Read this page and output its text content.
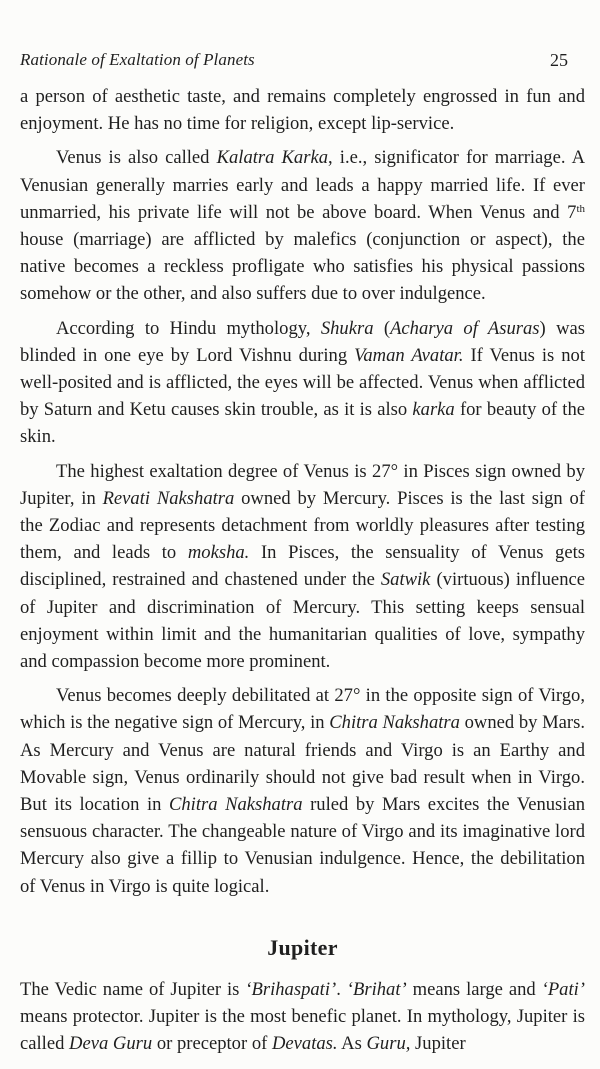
Rationale of Exaltation of Planets	25

a person of aesthetic taste, and remains completely engrossed in fun and enjoyment. He has no time for religion, except lip-service.

Venus is also called Kalatra Karka, i.e., significator for marriage. A Venusian generally marries early and leads a happy married life. If ever unmarried, his private life will not be above board. When Venus and 7th house (marriage) are afflicted by malefics (conjunction or aspect), the native becomes a reckless profligate who satisfies his physical passions somehow or the other, and also suffers due to over indulgence.

According to Hindu mythology, Shukra (Acharya of Asuras) was blinded in one eye by Lord Vishnu during Vaman Avatar. If Venus is not well-posited and is afflicted, the eyes will be affected. Venus when afflicted by Saturn and Ketu causes skin trouble, as it is also karka for beauty of the skin.

The highest exaltation degree of Venus is 27° in Pisces sign owned by Jupiter, in Revati Nakshatra owned by Mercury. Pisces is the last sign of the Zodiac and represents detachment from worldly pleasures after testing them, and leads to moksha. In Pisces, the sensuality of Venus gets disciplined, restrained and chastened under the Satwik (virtuous) influence of Jupiter and discrimination of Mercury. This setting keeps sensual enjoyment within limit and the humanitarian qualities of love, sympathy and compassion become more prominent.

Venus becomes deeply debilitated at 27° in the opposite sign of Virgo, which is the negative sign of Mercury, in Chitra Nakshatra owned by Mars. As Mercury and Venus are natural friends and Virgo is an Earthy and Movable sign, Venus ordinarily should not give bad result when in Virgo. But its location in Chitra Nakshatra ruled by Mars excites the Venusian sensuous character. The changeable nature of Virgo and its imaginative lord Mercury also give a fillip to Venusian indulgence. Hence, the debilitation of Venus in Virgo is quite logical.

Jupiter

The Vedic name of Jupiter is ‘Brihaspati’. ‘Brihat’ means large and ‘Pati’ means protector. Jupiter is the most benefic planet. In mythology, Jupiter is called Deva Guru or preceptor of Devatas. As Guru, Jupiter
